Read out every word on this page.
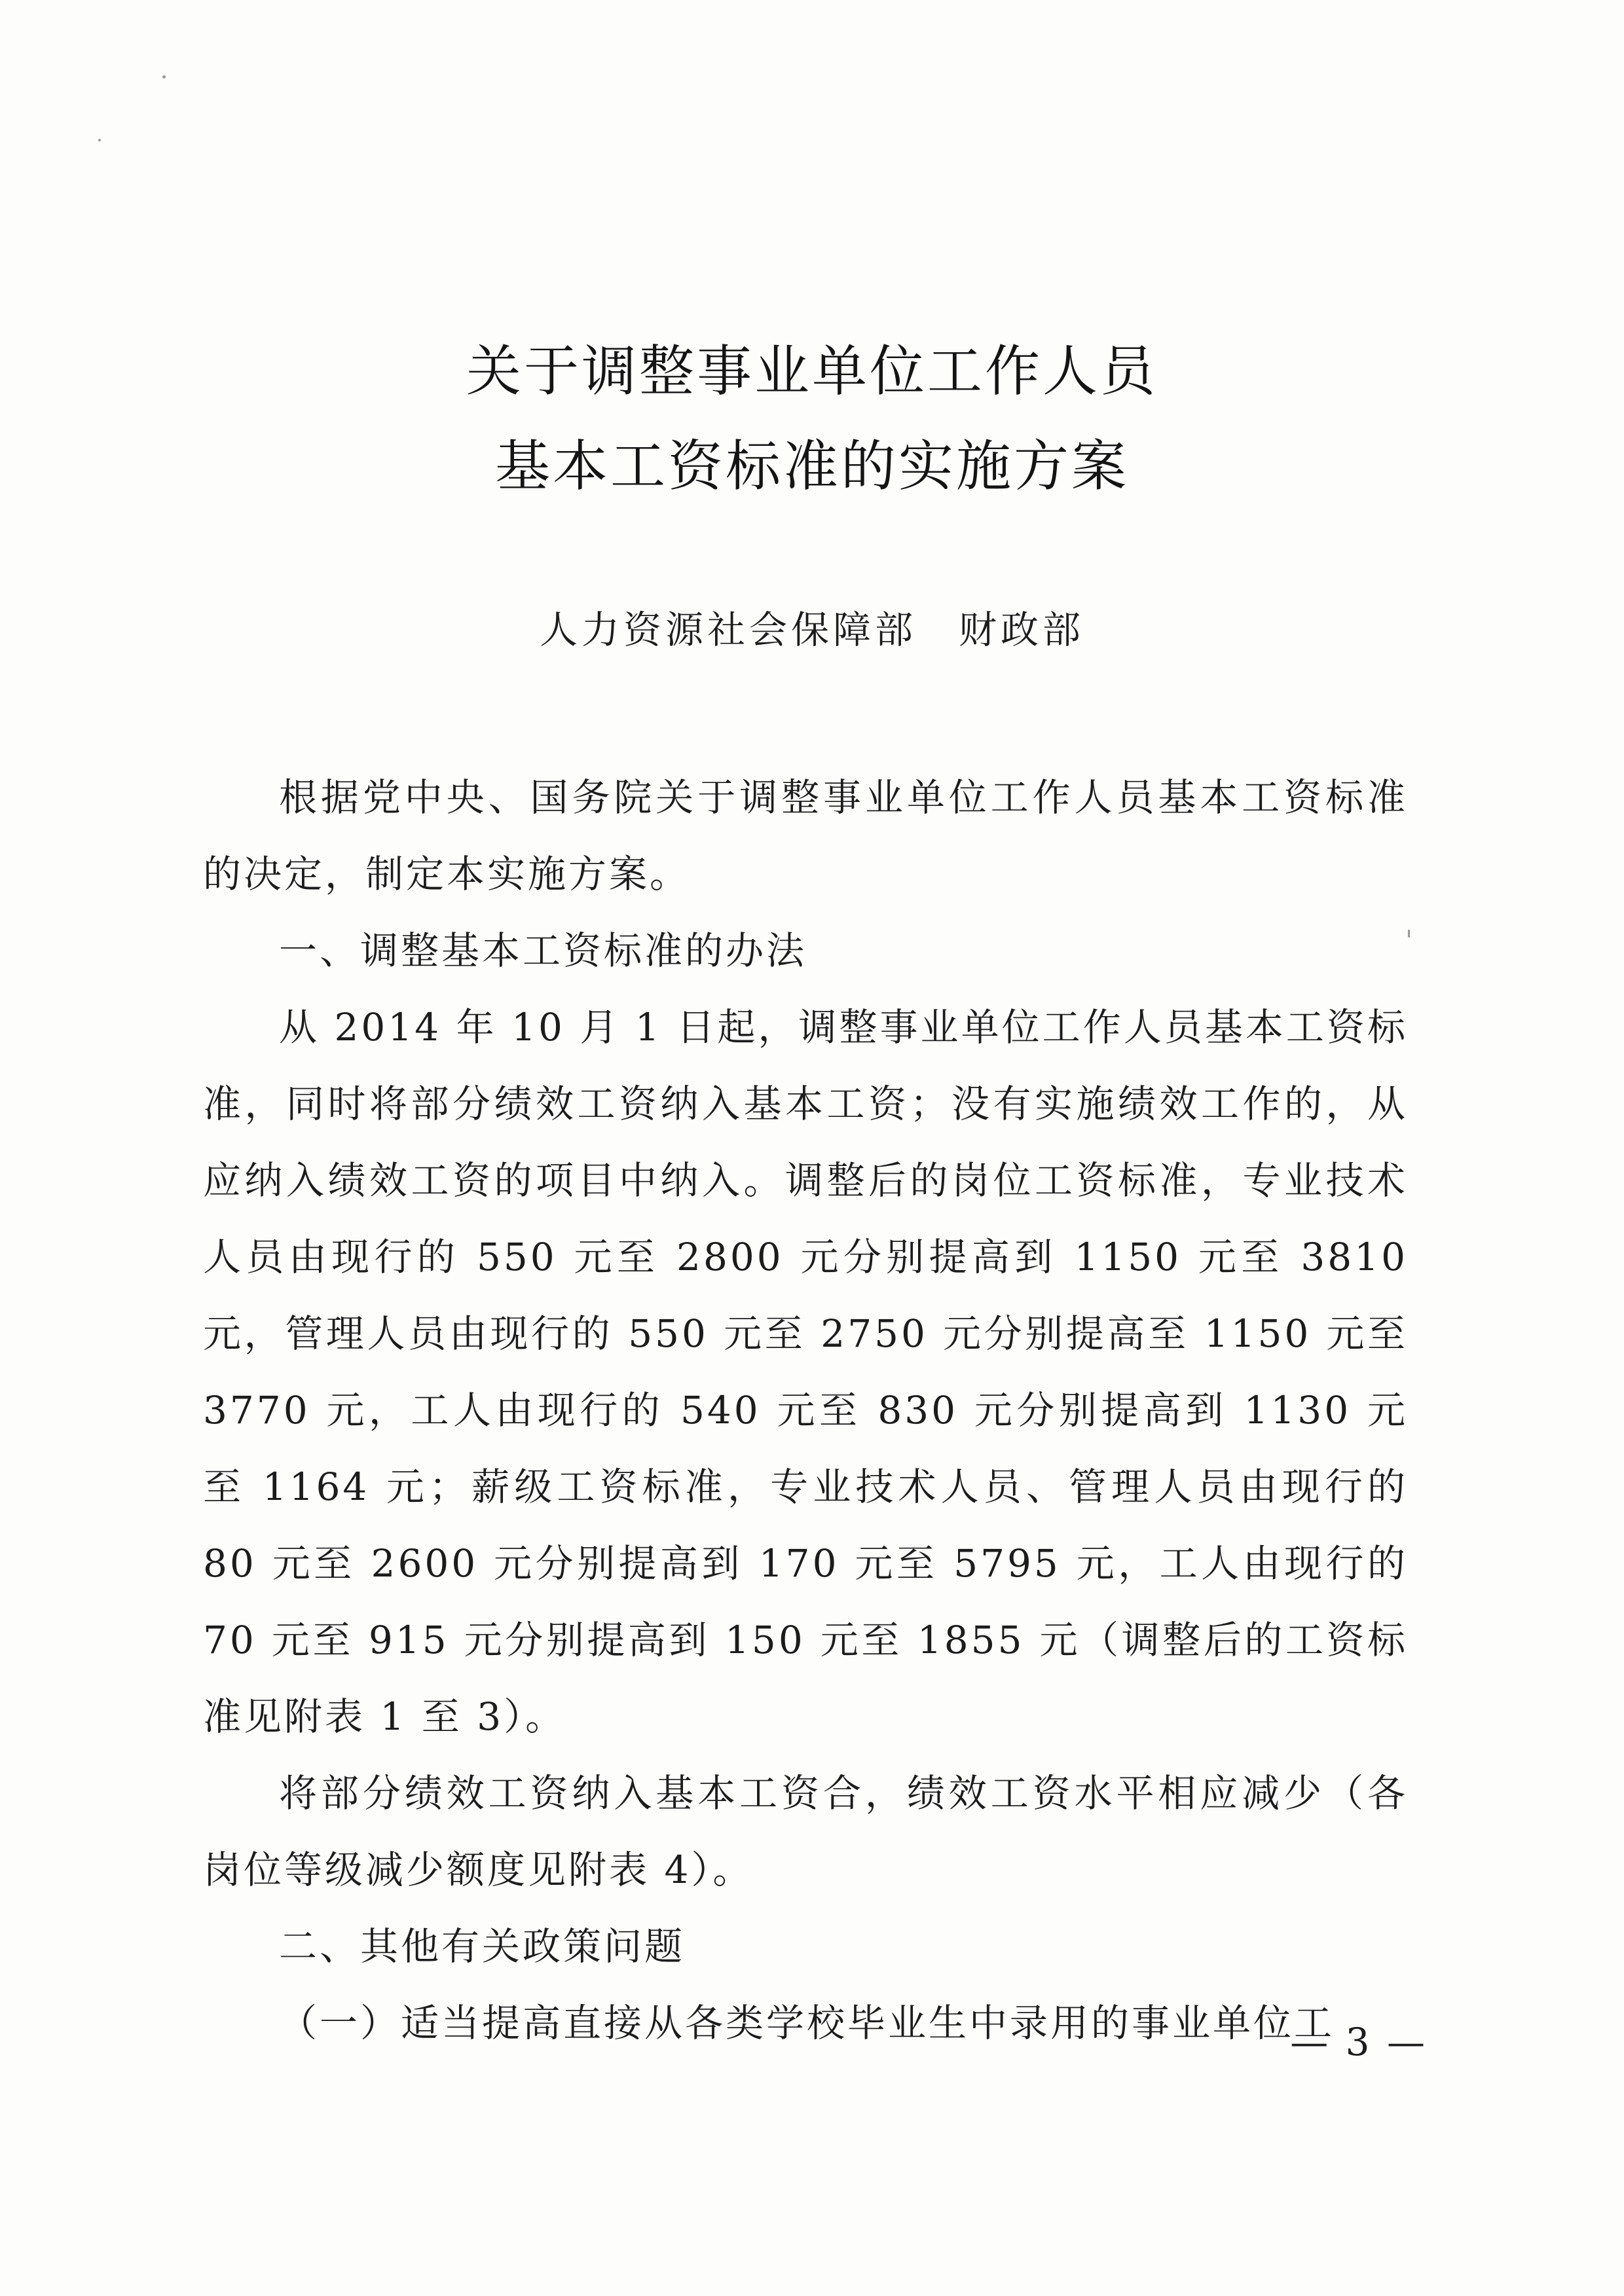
关于调整事业单位工作人员
基本工资标准的实施方案
人力资源社会保障部　财政部

根据党中央、国务院关于调整事业单位工作人员基本工资标准的决定，制定本实施方案。

一、调整基本工资标准的办法

从 2014 年 10 月 1 日起，调整事业单位工作人员基本工资标准，同时将部分绩效工资纳入基本工资；没有实施绩效工作的，从应纳入绩效工资的项目中纳入。调整后的岗位工资标准，专业技术人员由现行的 550 元至 2800 元分别提高到 1150 元至 3810 元，管理人员由现行的 550 元至 2750 元分别提高至 1150 元至 3770 元，工人由现行的 540 元至 830 元分别提高到 1130 元至 1164 元；薪级工资标准，专业技术人员、管理人员由现行的 80 元至 2600 元分别提高到 170 元至 5795 元，工人由现行的 70 元至 915 元分别提高到 150 元至 1855 元（调整后的工资标准见附表 1 至 3）。

将部分绩效工资纳入基本工资合，绩效工资水平相应减少（各岗位等级减少额度见附表 4）。

二、其他有关政策问题

（一）适当提高直接从各类学校毕业生中录用的事业单位工

— 3 —
